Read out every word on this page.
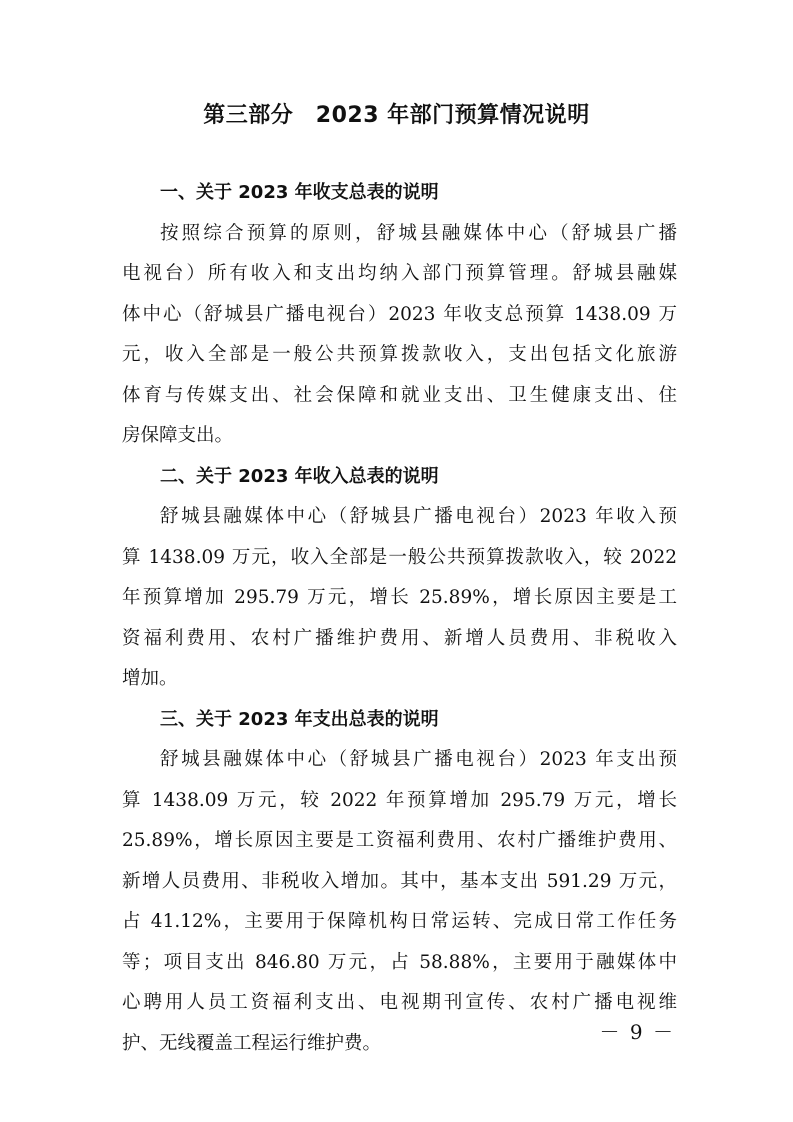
第三部分　2023 年部门预算情况说明
一、关于 2023 年收支总表的说明
按照综合预算的原则，舒城县融媒体中心（舒城县广播
电视台）所有收入和支出均纳入部门预算管理。舒城县融媒
体中心（舒城县广播电视台）2023 年收支总预算 1438.09 万
元，收入全部是一般公共预算拨款收入，支出包括文化旅游
体育与传媒支出、社会保障和就业支出、卫生健康支出、住
房保障支出。
二、关于 2023 年收入总表的说明
舒城县融媒体中心（舒城县广播电视台）2023 年收入预
算 1438.09 万元，收入全部是一般公共预算拨款收入，较 2022
年预算增加 295.79 万元，增长 25.89%，增长原因主要是工
资福利费用、农村广播维护费用、新增人员费用、非税收入
增加。
三、关于 2023 年支出总表的说明
舒城县融媒体中心（舒城县广播电视台）2023 年支出预
算 1438.09 万元，较 2022 年预算增加 295.79 万元，增长
25.89%，增长原因主要是工资福利费用、农村广播维护费用、
新增人员费用、非税收入增加。其中，基本支出 591.29 万元，
占 41.12%，主要用于保障机构日常运转、完成日常工作任务
等；项目支出 846.80 万元，占 58.88%，主要用于融媒体中
心聘用人员工资福利支出、电视期刊宣传、农村广播电视维
护、无线覆盖工程运行维护费。	－ 9 －
